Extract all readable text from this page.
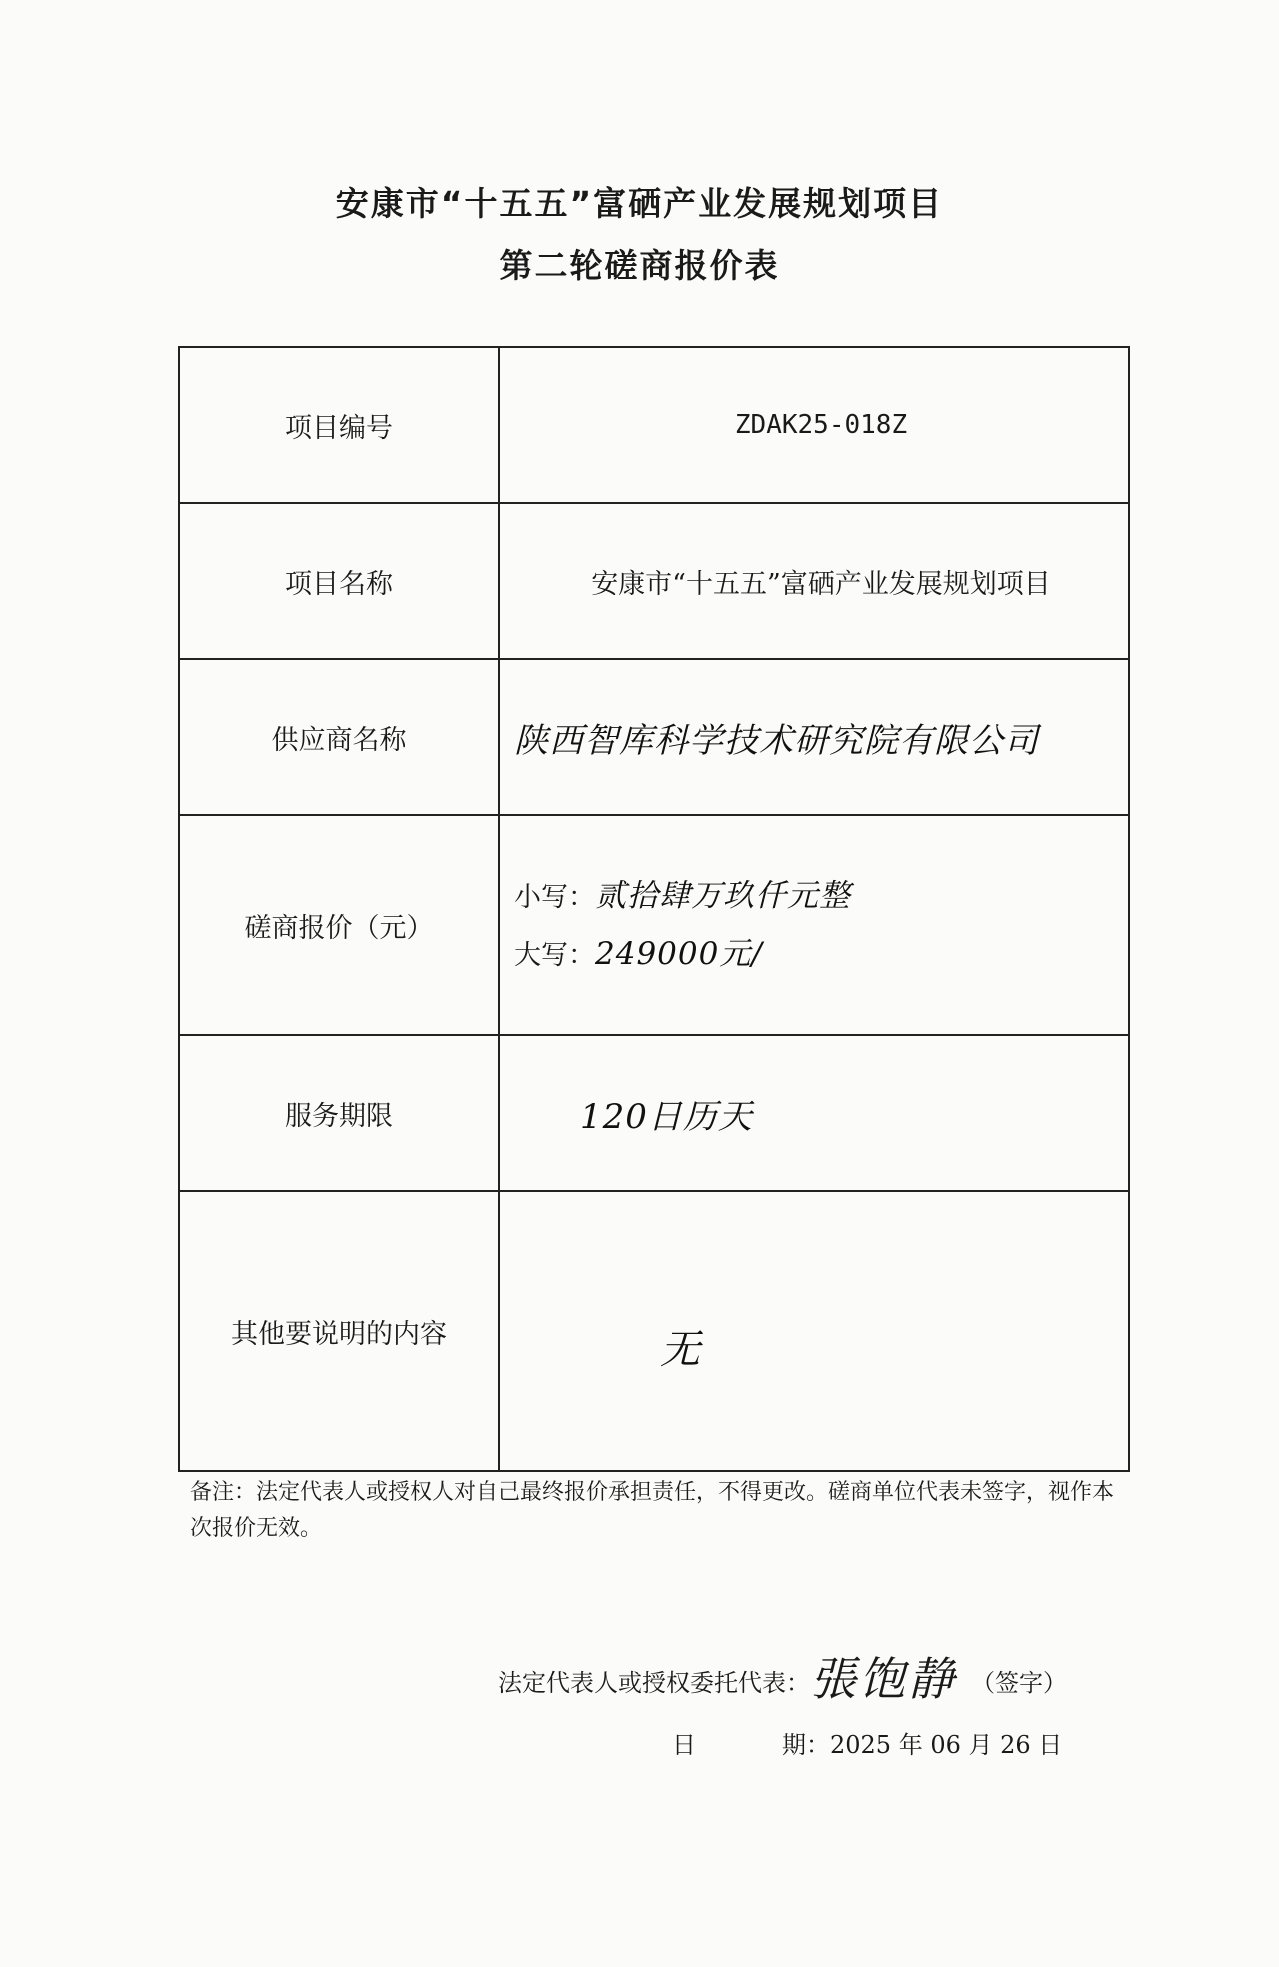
安康市“十五五”富硒产业发展规划项目
第二轮磋商报价表
项目编号	ZDAK25-018Z
项目名称	安康市“十五五”富硒产业发展规划项目
供应商名称	陕西智库科学技术研究院有限公司
磋商报价（元）	小写：贰拾肆万玖仟元整
大写：249000元/

服务期限	120日历天
其他要说明的内容	无
备注：法定代表人或授权人对自己最终报价承担责任，不得更改。磋商单位代表未签字，视作本次报价无效。
法定代表人或授权委托代表：張饱静 （签字）
日	期：2025 年 06 月 26 日
